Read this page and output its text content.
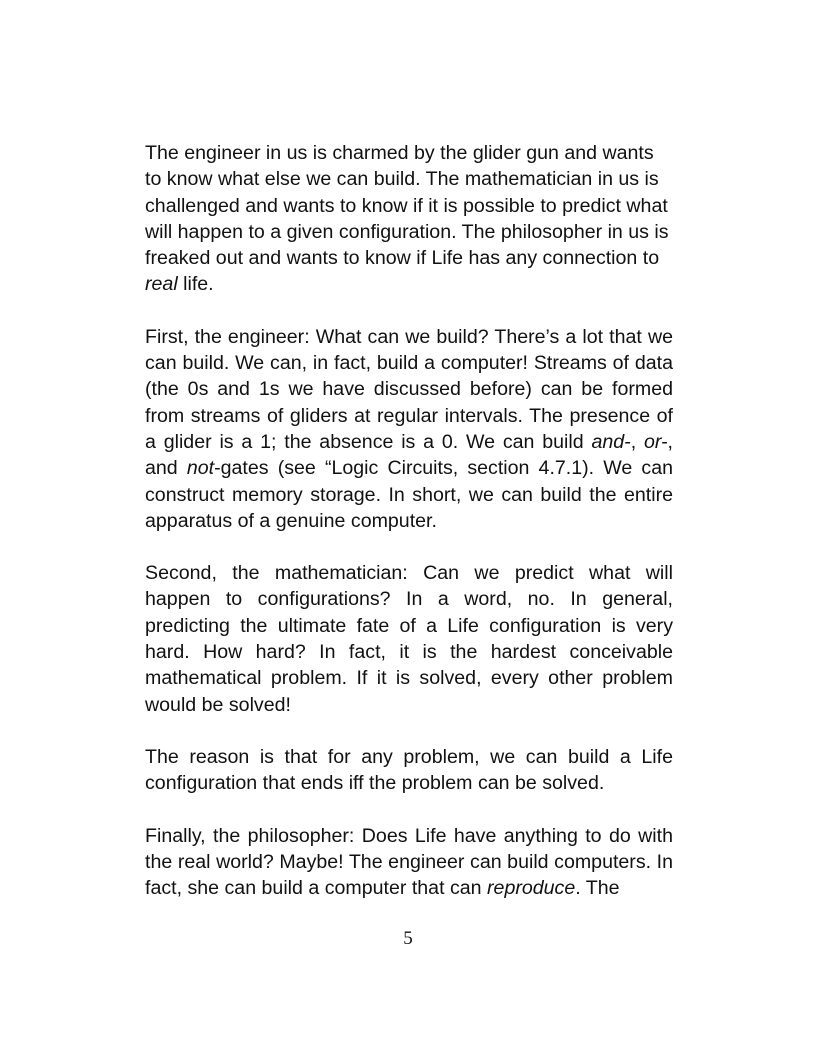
The engineer in us is charmed by the glider gun and wants to know what else we can build. The mathematician in us is challenged and wants to know if it is possible to predict what will happen to a given configuration. The philosopher in us is freaked out and wants to know if Life has any connection to real life.

First, the engineer: What can we build? There’s a lot that we can build. We can, in fact, build a computer! Streams of data (the 0s and 1s we have discussed before) can be formed from streams of gliders at regular intervals. The presence of a glider is a 1; the absence is a 0. We can build and-, or-, and not-gates (see “Logic Circuits, section 4.7.1). We can construct memory storage. In short, we can build the entire apparatus of a genuine computer.

Second, the mathematician: Can we predict what will happen to configurations? In a word, no. In general, predicting the ultimate fate of a Life configuration is very hard. How hard? In fact, it is the hardest conceivable mathematical problem. If it is solved, every other problem would be solved!

The reason is that for any problem, we can build a Life configuration that ends iff the problem can be solved.

Finally, the philosopher: Does Life have anything to do with the real world? Maybe! The engineer can build computers. In fact, she can build a computer that can reproduce. The

5
